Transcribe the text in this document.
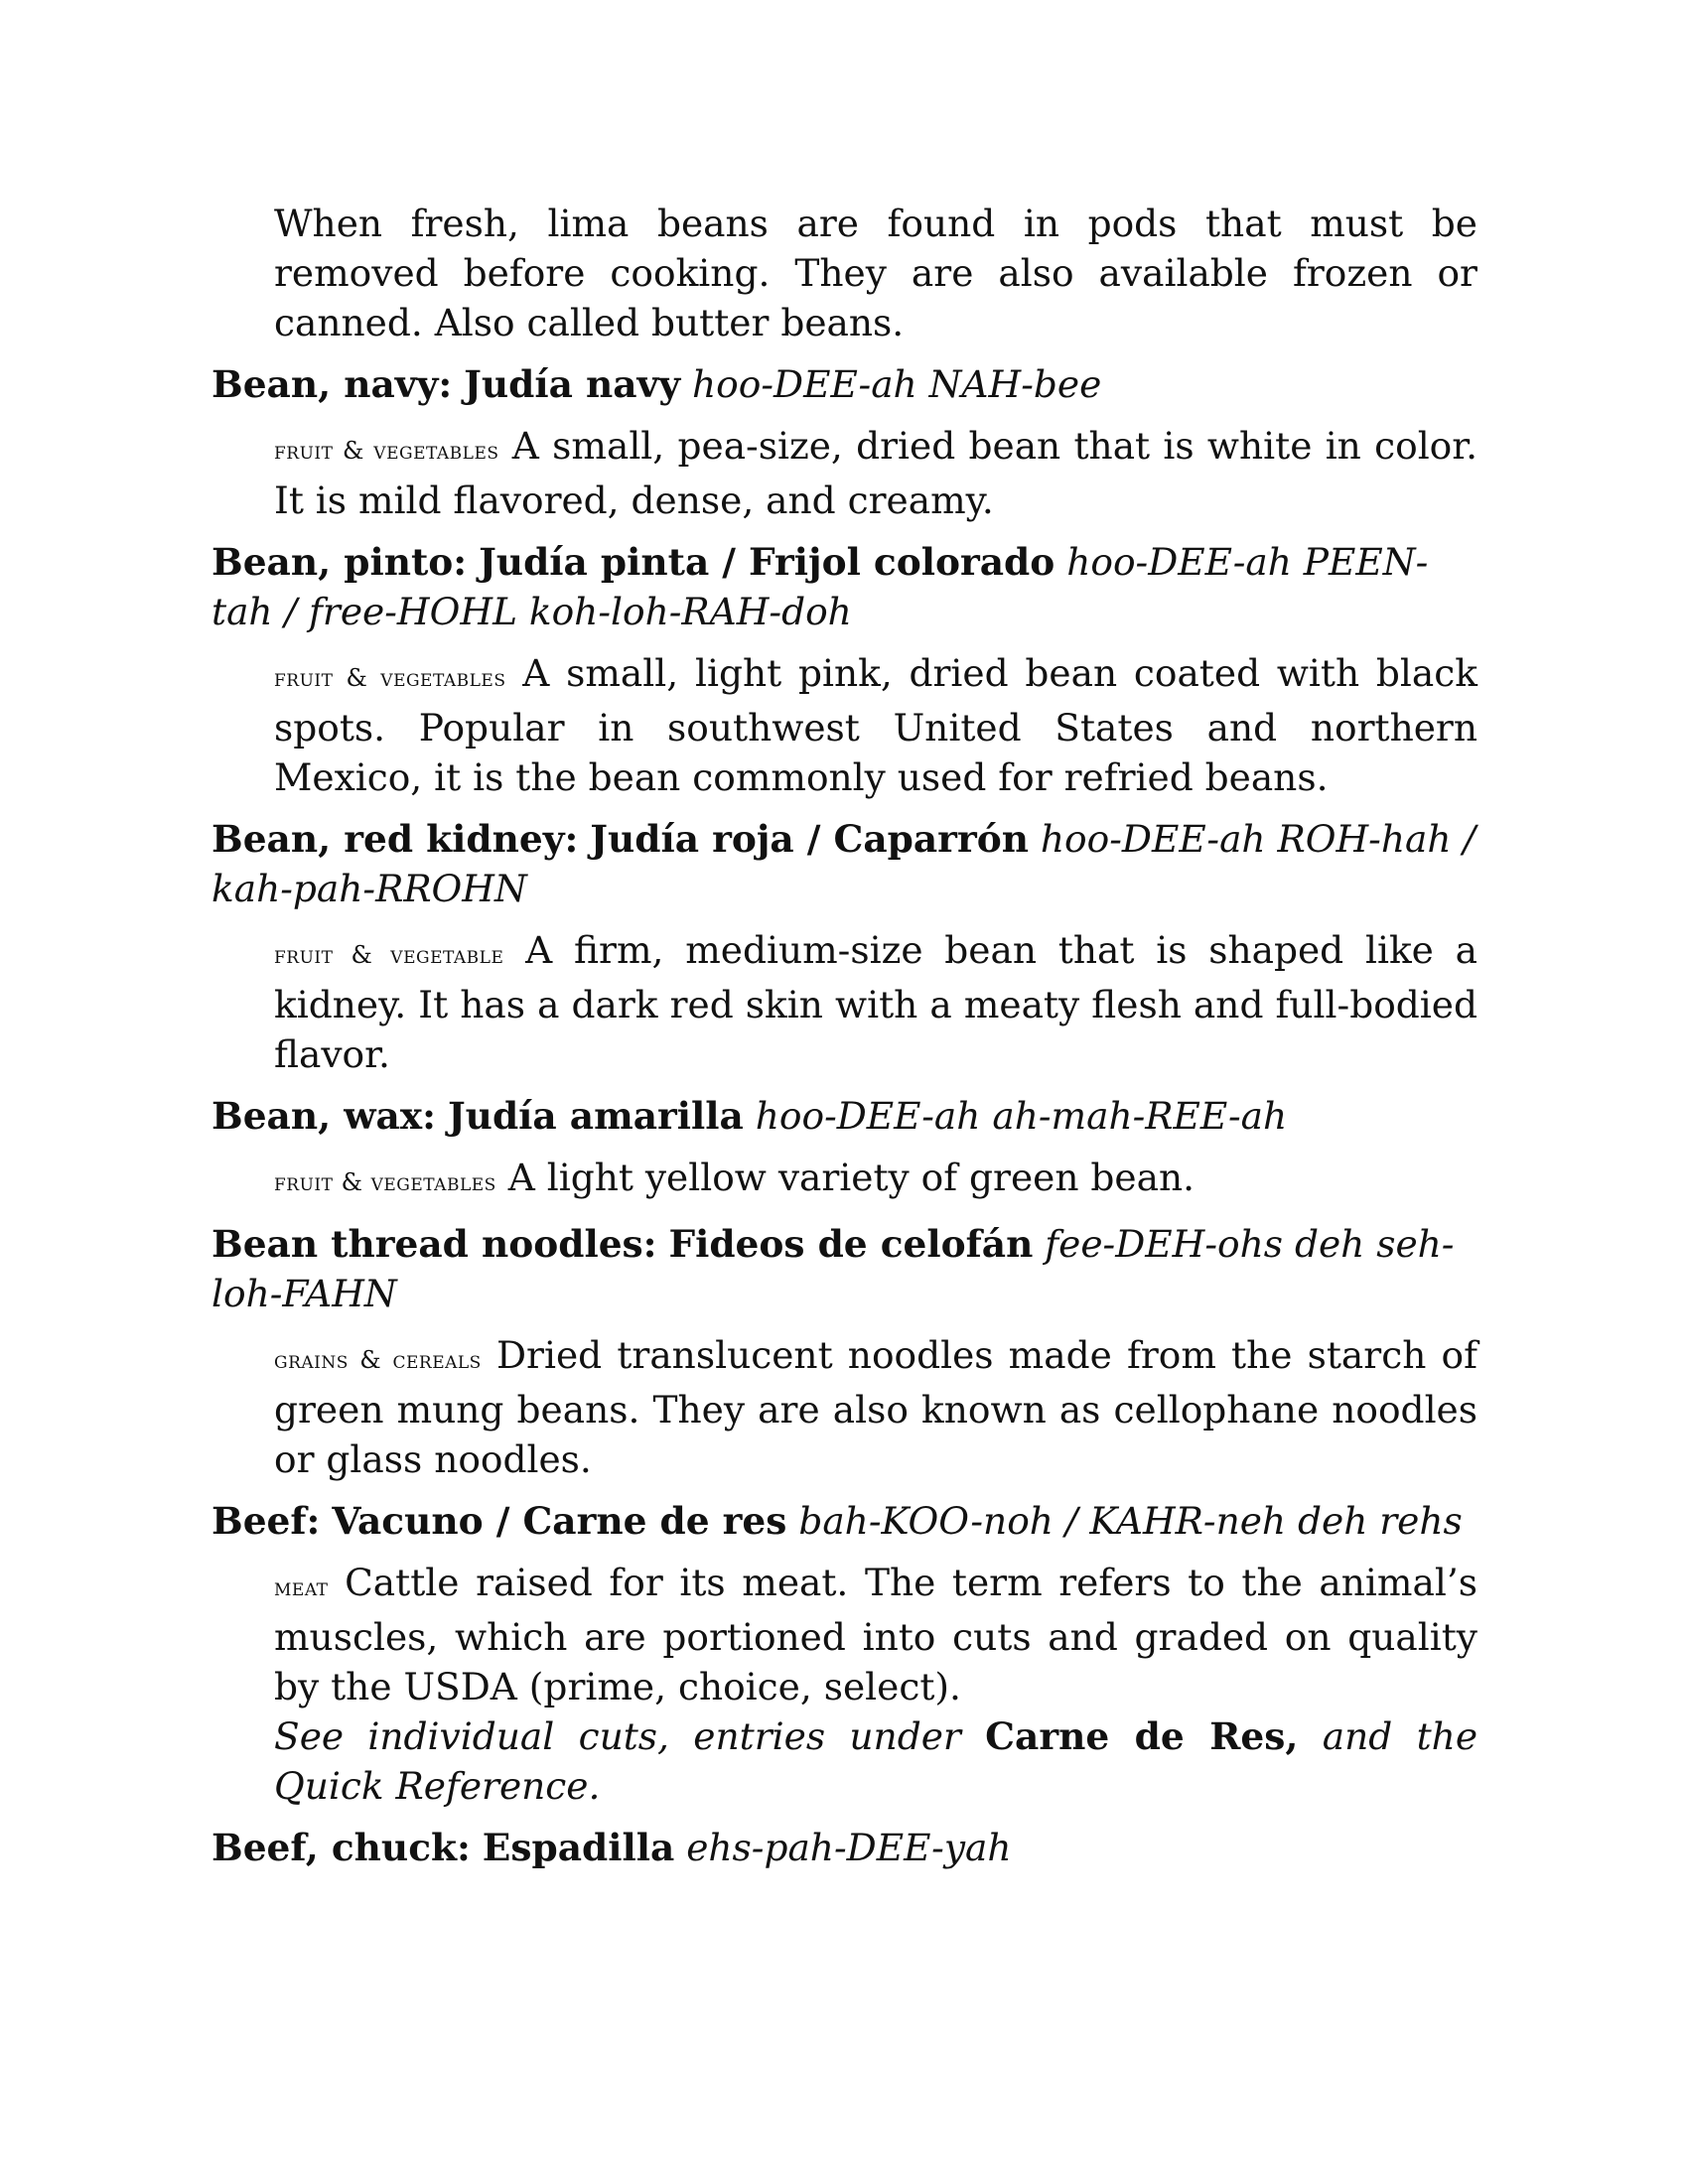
When fresh, lima beans are found in pods that must be removed before cooking. They are also available frozen or canned. Also called butter beans.

Bean, navy: Judía navy hoo-DEE-ah NAH-bee

fruit & vegetables A small, pea-size, dried bean that is white in color. It is mild flavored, dense, and creamy.

Bean, pinto: Judía pinta / Frijol colorado hoo-DEE-ah PEEN-tah / free-HOHL koh-loh-RAH-doh

fruit & vegetables A small, light pink, dried bean coated with black spots. Popular in southwest United States and northern Mexico, it is the bean commonly used for refried beans.

Bean, red kidney: Judía roja / Caparrón hoo-DEE-ah ROH-hah / kah-pah-RROHN

fruit & vegetable A firm, medium-size bean that is shaped like a kidney. It has a dark red skin with a meaty flesh and full-bodied flavor.

Bean, wax: Judía amarilla hoo-DEE-ah ah-mah-REE-ah

fruit & vegetables A light yellow variety of green bean.

Bean thread noodles: Fideos de celofán fee-DEH-ohs deh seh-loh-FAHN

grains & cereals Dried translucent noodles made from the starch of green mung beans. They are also known as cellophane noodles or glass noodles.

Beef: Vacuno / Carne de res bah-KOO-noh / KAHR-neh deh rehs

meat Cattle raised for its meat. The term refers to the animal’s muscles, which are portioned into cuts and graded on quality by the USDA (prime, choice, select).

See individual cuts, entries under Carne de Res, and the Quick Reference.

Beef, chuck: Espadilla ehs-pah-DEE-yah
